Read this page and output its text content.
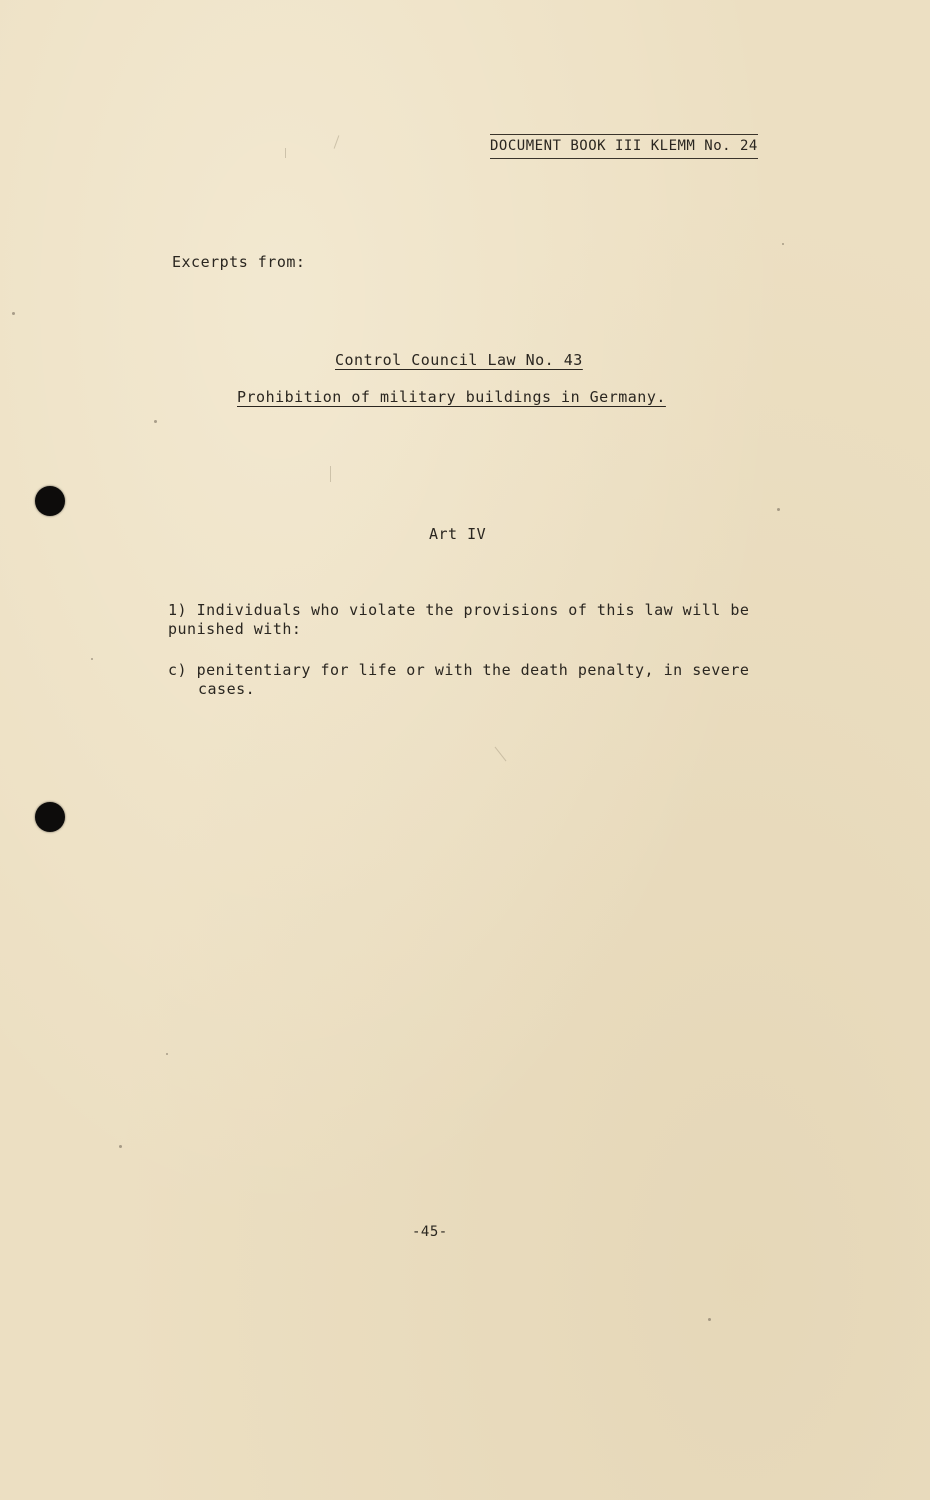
DOCUMENT BOOK III KLEMM No. 24
Excerpts from:
Control Council Law No. 43
Prohibition of military buildings in Germany.
Art IV
1) Individuals who violate the provisions of this law will be
punished with:
c) penitentiary for life or with the death penalty, in severe
cases.
-45-
